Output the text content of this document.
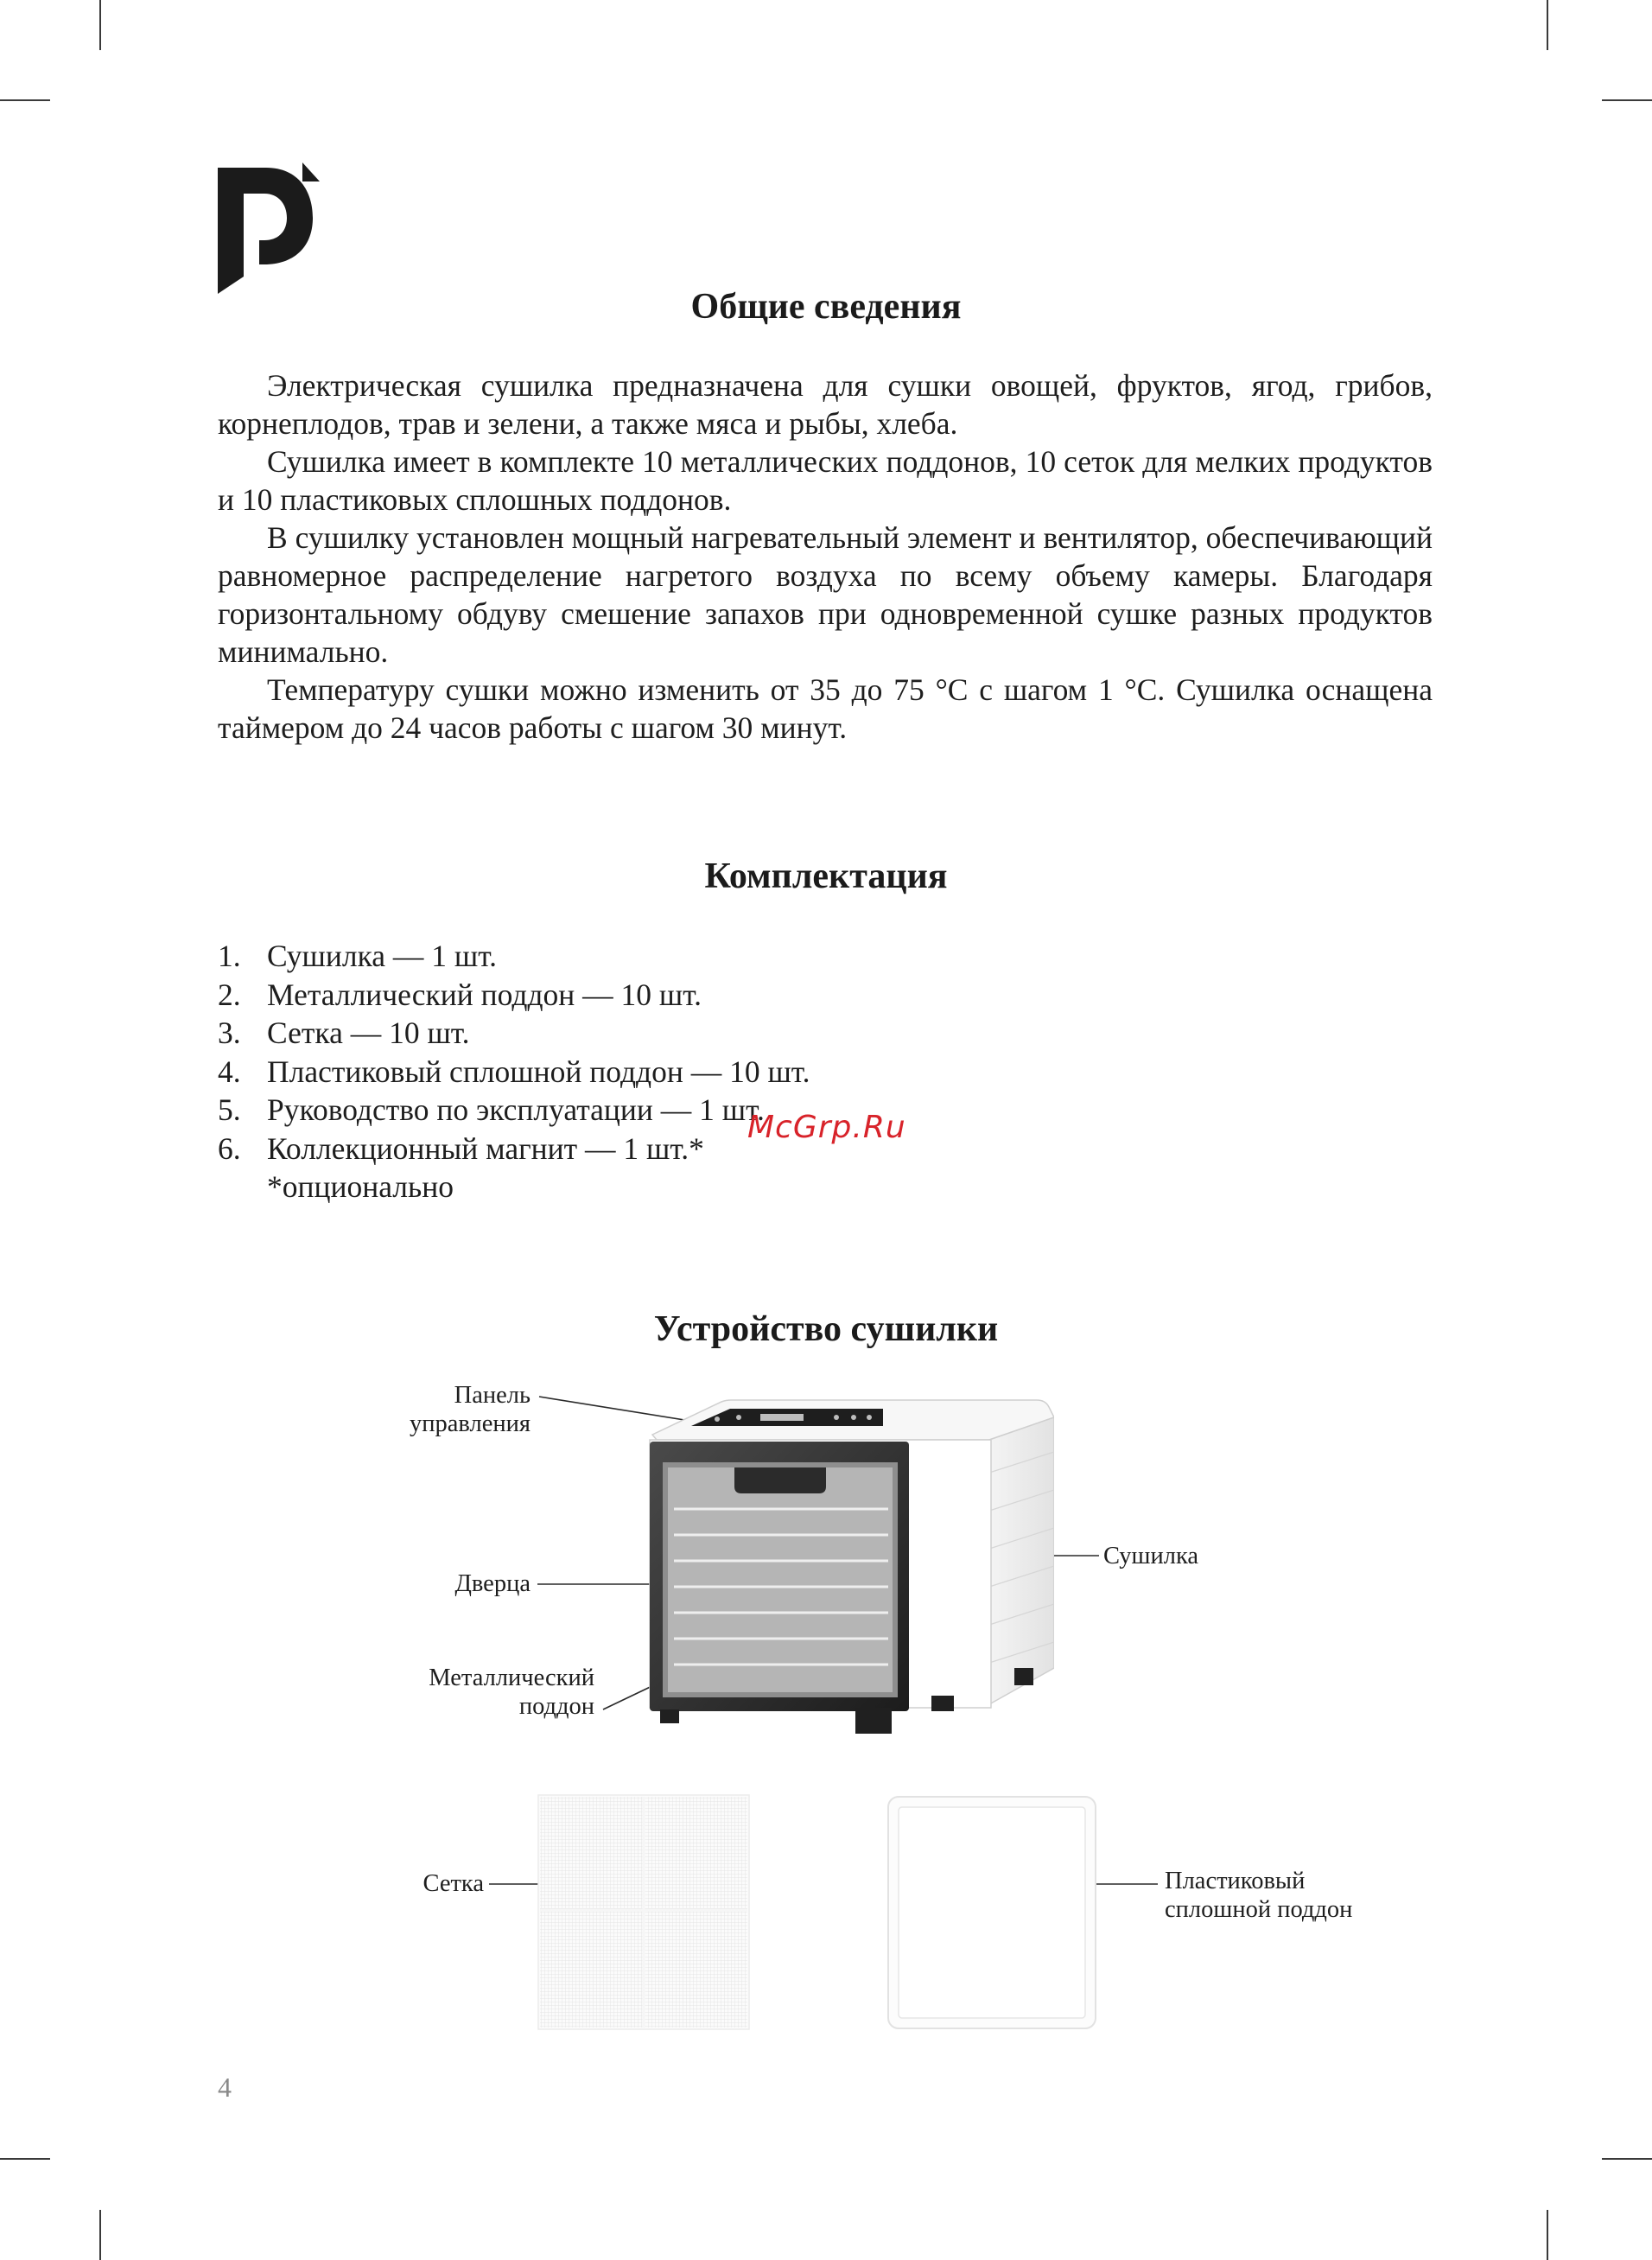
Общие сведения

Электрическая сушилка предназначена для сушки овощей, фруктов, ягод, грибов, корнеплодов, трав и зелени, а также мяса и рыбы, хлеба.

Сушилка имеет в комплекте 10 металлических поддонов, 10 сеток для мелких продуктов и 10 пластиковых сплошных поддонов.

В сушилку установлен мощный нагревательный элемент и вентилятор, обеспечивающий равномерное распределение нагретого воздуха по всему объему камеры. Благодаря горизонтальному обдуву смешение запахов при одновременной сушке разных продуктов минимально.

Температуру сушки можно изменить от 35 до 75 °С с шагом 1 °С. Сушилка оснащена таймером до 24 часов работы с шагом 30 минут.

Комплектация
1. Сушилка — 1 шт.
2. Металлический поддон — 10 шт.
3. Сетка — 10 шт.
4. Пластиковый сплошной поддон — 10 шт.
5. Руководство по эксплуатации — 1 шт.
6. Коллекционный магнит — 1 шт.*
*опционально
McGrp.Ru
Устройство сушилки
Панель управления
Дверца
Металлический поддон
Сушилка
Сетка	Пластиковый сплошной поддон
4
